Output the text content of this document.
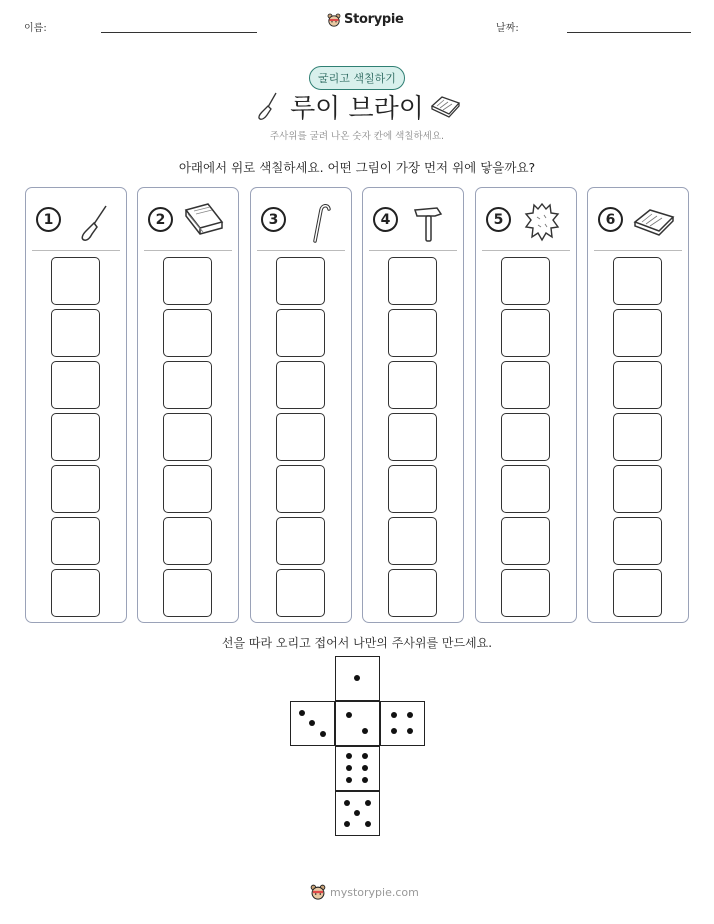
이름:
Storypie
날짜:
굴리고 색칠하기
루이 브라이
주사위를 굴려 나온 숫자 칸에 색칠하세요.
아래에서 위로 색칠하세요. 어떤 그림이 가장 먼저 위에 닿을까요?
1	2	3	4	5	6
선을 따라 오리고 접어서 나만의 주사위를 만드세요.
mystorypie.com
